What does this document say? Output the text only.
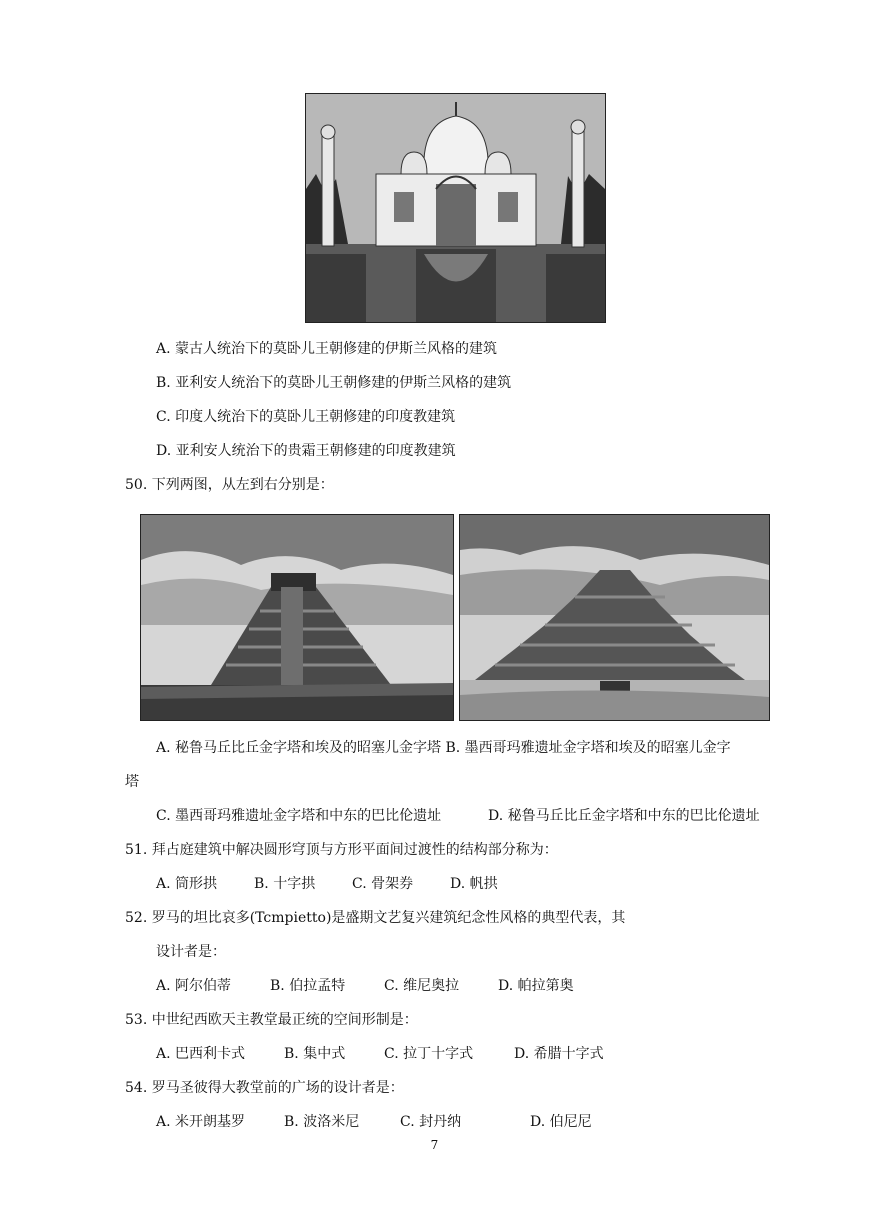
A. 蒙古人统治下的莫卧儿王朝修建的伊斯兰风格的建筑
B. 亚利安人统治下的莫卧儿王朝修建的伊斯兰风格的建筑
C. 印度人统治下的莫卧儿王朝修建的印度教建筑
D. 亚利安人统治下的贵霜王朝修建的印度教建筑
50. 下列两图，从左到右分别是：
A. 秘鲁马丘比丘金字塔和埃及的昭塞儿金字塔 B. 墨西哥玛雅遗址金字塔和埃及的昭塞儿金字
塔
C. 墨西哥玛雅遗址金字塔和中东的巴比伦遗址	D. 秘鲁马丘比丘金字塔和中东的巴比伦遗址
51. 拜占庭建筑中解决圆形穹顶与方形平面间过渡性的结构部分称为：
A. 筒形拱	B. 十字拱	C. 骨架券	D. 帆拱
52. 罗马的坦比哀多(Tcmpietto)是盛期文艺复兴建筑纪念性风格的典型代表，其
设计者是：
A. 阿尔伯蒂	B. 伯拉孟特	C. 维尼奥拉	D. 帕拉第奥
53. 中世纪西欧天主教堂最正统的空间形制是：
A. 巴西利卡式	B. 集中式	C. 拉丁十字式	D. 希腊十字式
54. 罗马圣彼得大教堂前的广场的设计者是：
A. 米开朗基罗	B. 波洛米尼	C. 封丹纳	D. 伯尼尼
7
